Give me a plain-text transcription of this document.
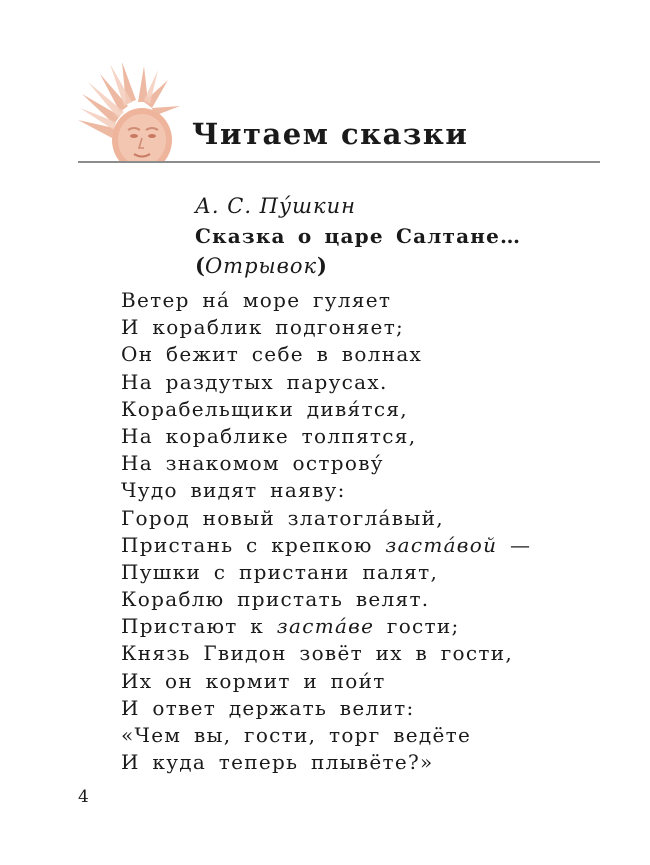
Читаем сказки
А. С. Пу́шкин
Сказка о царе Салтане…
(Отрывок)
Ветер на́ море гуляет
И кораблик подгоняет;
Он бежит себе в волнах
На раздутых парусах.
Корабельщики дивя́тся,
На кораблике толпятся,
На знакомом острову́
Чудо видят наяву:
Город новый златогла́вый,
Пристань с крепкою заста́вой —
Пушки с пристани палят,
Кораблю пристать велят.
Пристают к заста́ве гости;
Князь Гвидон зовёт их в гости,
Их он кормит и пои́т
И ответ держать велит:
«Чем вы, гости, торг ведёте
И куда теперь плывёте?»
4
